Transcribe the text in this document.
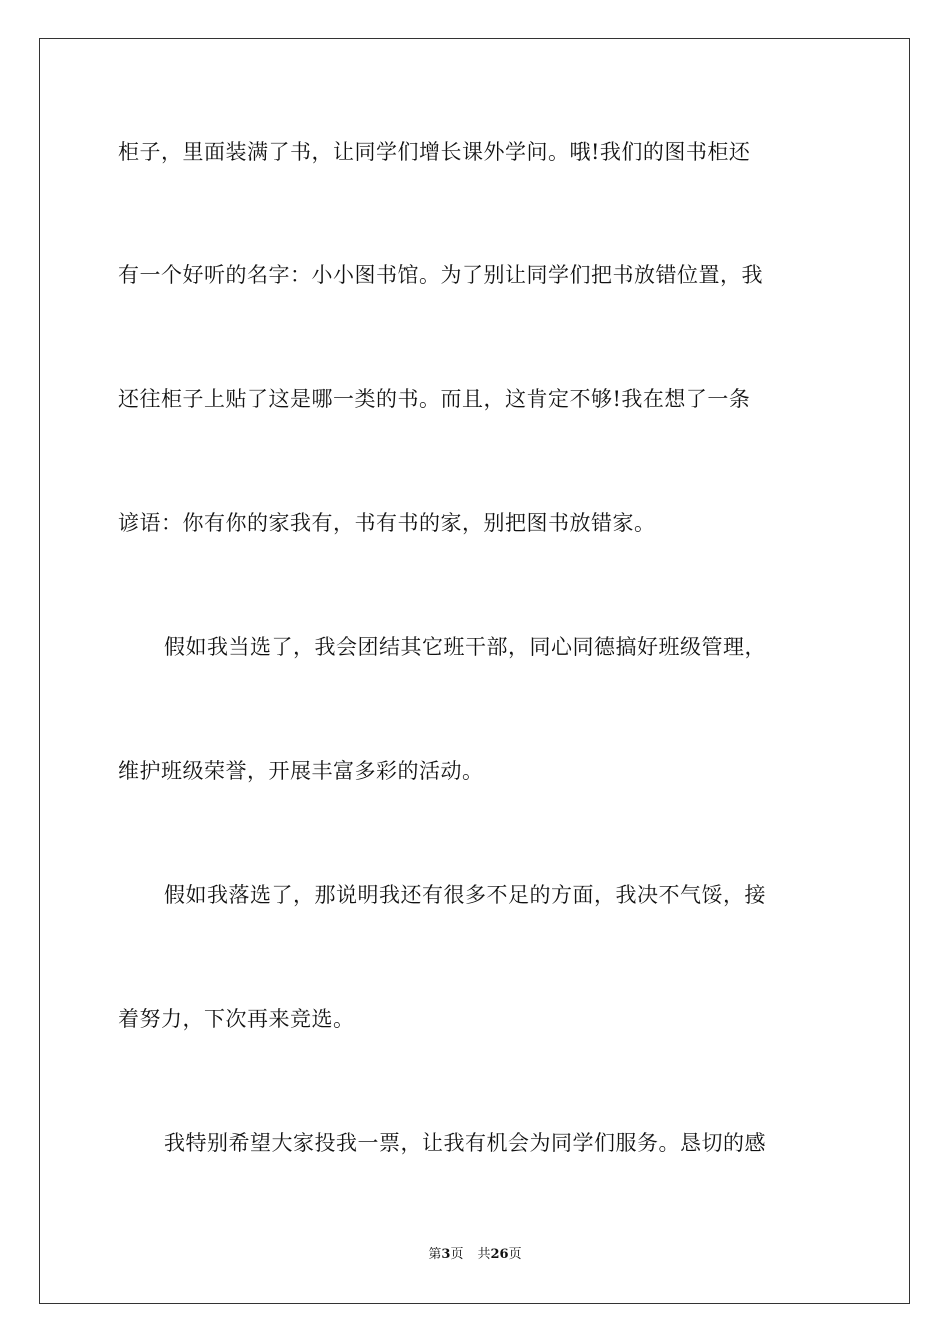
柜子，里面装满了书，让同学们增长课外学问。哦!我们的图书柜还
有一个好听的名字：小小图书馆。为了别让同学们把书放错位置，我
还往柜子上贴了这是哪一类的书。而且，这肯定不够!我在想了一条
谚语：你有你的家我有，书有书的家，别把图书放错家。
假如我当选了，我会团结其它班干部，同心同德搞好班级管理，
维护班级荣誉，开展丰富多彩的活动。
假如我落选了，那说明我还有很多不足的方面，我决不气馁，接
着努力，下次再来竞选。
我特别希望大家投我一票，让我有机会为同学们服务。恳切的感
第3页 共26页
